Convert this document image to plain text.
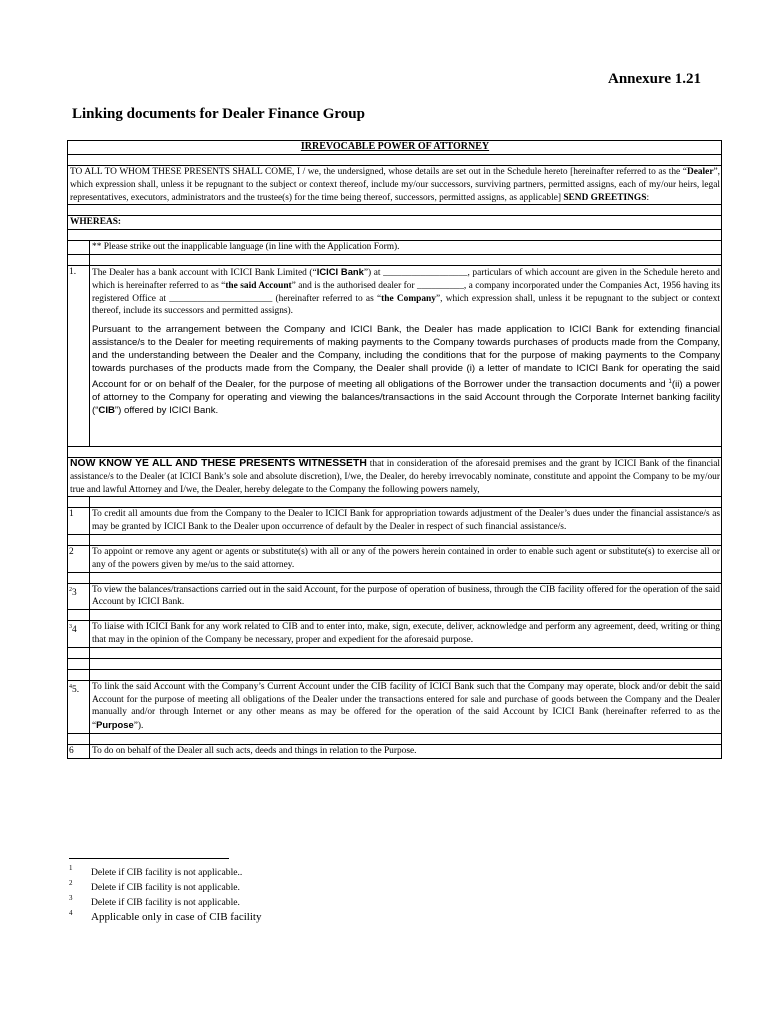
Annexure 1.21
Linking documents for Dealer Finance Group
IRREVOCABLE POWER OF ATTORNEY	

TO ALL TO WHOM THESE PRESENTS SHALL COME, I / we, the undersigned, whose details are set out in the Schedule hereto [hereinafter referred to as the “Dealer”, which expression shall, unless it be repugnant to the subject or context thereof, include my/our successors, surviving partners, permitted assigns, each of my/our heirs, legal representatives, executors, administrators and the trustee(s) for the time being thereof, successors, permitted assigns, as applicable] SEND GREETINGS:	

WHEREAS:	

	** Please strike out the inapplicable language (in line with the Application Form).

1.	The Dealer has a bank account with ICICI Bank Limited (“ICICI Bank”) at __________________, particulars of which account are given in the Schedule hereto and which is hereinafter referred to as “the said Account” and is the authorised dealer for __________, a company incorporated under the Companies Act, 1956 having its registered Office at ______________________ (hereinafter referred to as “the Company”, which expression shall, unless it be repugnant to the subject or context thereof, include its successors and permitted assigns).
Pursuant to the arrangement between the Company and ICICI Bank, the Dealer has made application to ICICI Bank for extending financial assistance/s to the Dealer for meeting requirements of making payments to the Company towards purchases of products made from the Company, and the understanding between the Dealer and the Company, including the conditions that for the purpose of making payments to the Company towards purchases of the products made from the Company, the Dealer shall provide (i) a letter of mandate to ICICI Bank for operating the said Account for or on behalf of the Dealer, for the purpose of meeting all obligations of the Borrower under the transaction documents and $^1$(ii) a power of attorney to the Company for operating and viewing the balances/transactions in the said Account through the Corporate Internet banking facility (“CIB”) offered by ICICI Bank.

NOW KNOW YE ALL AND THESE PRESENTS WITNESSETH that in consideration of the aforesaid premises and the grant by ICICI Bank of the financial assistance/s to the Dealer (at ICICI Bank’s sole and absolute discretion), I/we, the Dealer, do hereby irrevocably nominate, constitute and appoint the Company to be my/our true and lawful Attorney and I/we, the Dealer, hereby delegate to the Company the following powers namely,	

1	To credit all amounts due from the Company to the Dealer to ICICI Bank for appropriation towards adjustment of the Dealer’s dues under the financial assistance/s as may be granted by ICICI Bank to the Dealer upon occurrence of default by the Dealer in respect of such financial assistance/s.

2	To appoint or remove any agent or agents or substitute(s) with all or any of the powers herein contained in order to enable such agent or substitute(s) to exercise all or any of the powers given by me/us to the said attorney.

$^2$3	To view the balances/transactions carried out in the said Account, for the purpose of operation of business, through the CIB facility offered for the operation of the said Account by ICICI Bank.

$^3$4	To liaise with ICICI Bank for any work related to CIB and to enter into, make, sign, execute, deliver, acknowledge and perform any agreement, deed, writing or thing that may in the opinion of the Company be necessary, proper and expedient for the aforesaid purpose.

$^4$5.	To link the said Account with the Company’s Current Account under the CIB facility of ICICI Bank such that the Company may operate, block and/or debit the said Account for the purpose of meeting all obligations of the Dealer under the transactions entered for sale and purchase of goods between the Company and the Dealer manually and/or through Internet or any other means as may be offered for the operation of the said Account by ICICI Bank (hereinafter referred to as the “Purpose”).

6	To do on behalf of the Dealer all such acts, deeds and things in relation to the Purpose.
1 Delete if CIB facility is not applicable..
2 Delete if CIB facility is not applicable.
3 Delete if CIB facility is not applicable.
4 Applicable only in case of CIB facility
